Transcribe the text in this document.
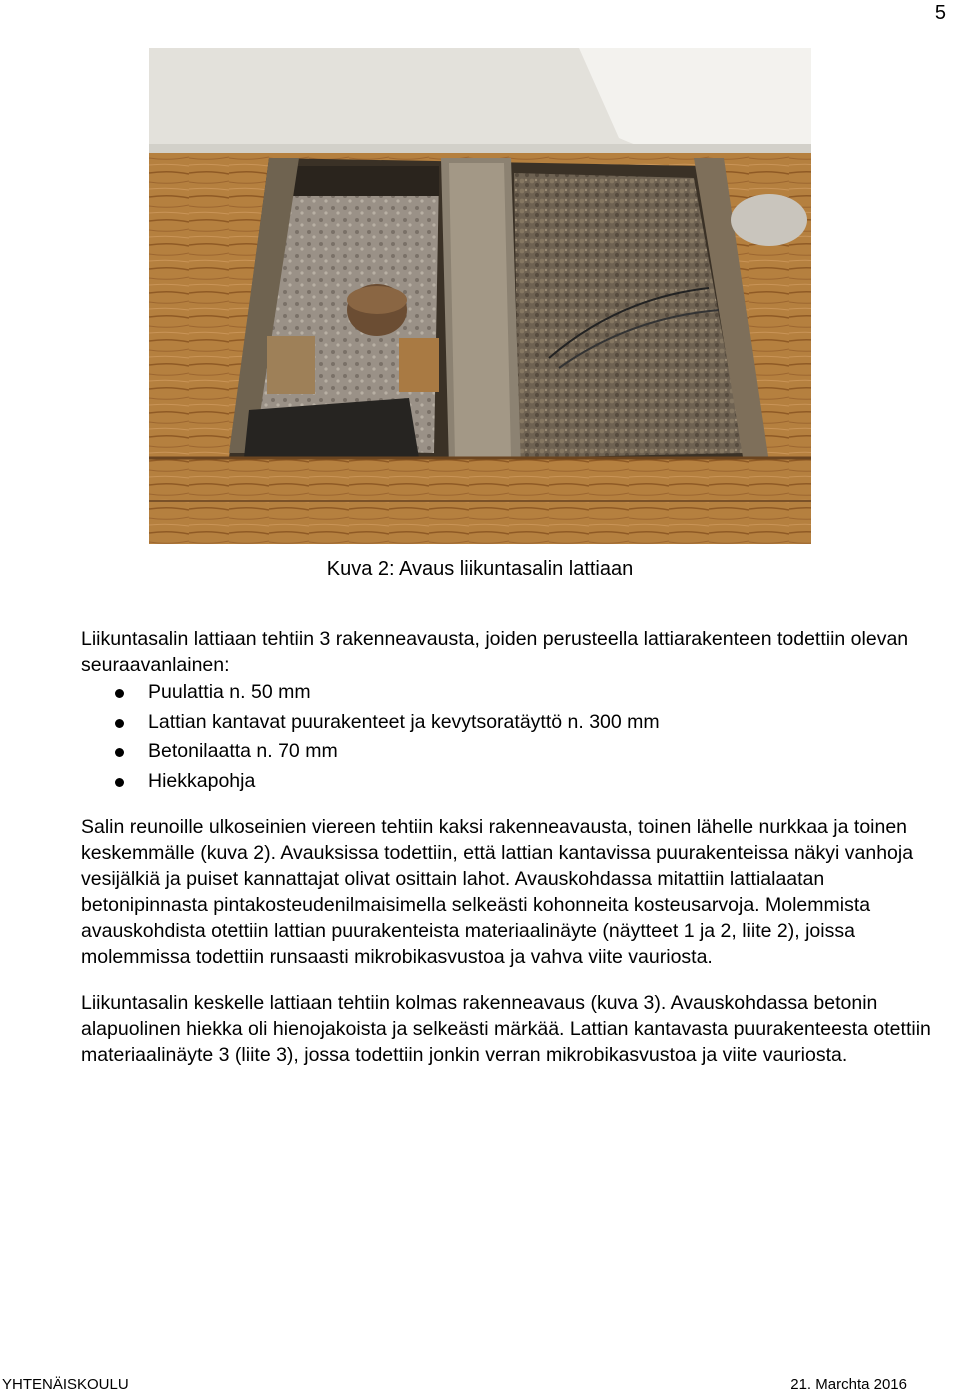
5
Kuva 2: Avaus liikuntasalin lattiaan

Liikuntasalin lattiaan tehtiin 3 rakenneavausta, joiden perusteella lattiarakenteen todettiin olevan seuraavanlainen:

Puulattia n. 50 mm
Lattian kantavat puurakenteet ja kevytsoratäyttö n. 300 mm
Betonilaatta n. 70 mm
Hiekkapohja

Salin reunoille ulkoseinien viereen tehtiin kaksi rakenneavausta, toinen lähelle nurkkaa ja toinen keskemmälle (kuva 2). Avauksissa todettiin, että lattian kantavissa puurakenteissa näkyi vanhoja vesijälkiä ja puiset kannattajat olivat osittain lahot. Avauskohdassa mitattiin lattialaatan betonipinnasta pintakosteudenilmaisimella selkeästi kohonneita kosteusarvoja. Molemmista avauskohdista otettiin lattian puurakenteista materiaalinäyte (näytteet 1 ja 2, liite 2), joissa molemmissa todettiin runsaasti mikrobikasvustoa ja vahva viite vauriosta.

Liikuntasalin keskelle lattiaan tehtiin kolmas rakenneavaus (kuva 3). Avauskohdassa betonin alapuolinen hiekka oli hienojakoista ja selkeästi märkää. Lattian kantavasta puurakenteesta otettiin materiaalinäyte 3 (liite 3), jossa todettiin jonkin verran mikrobikasvustoa ja viite vauriosta.

YHTENÄISKOULU	21. Marchta 2016
